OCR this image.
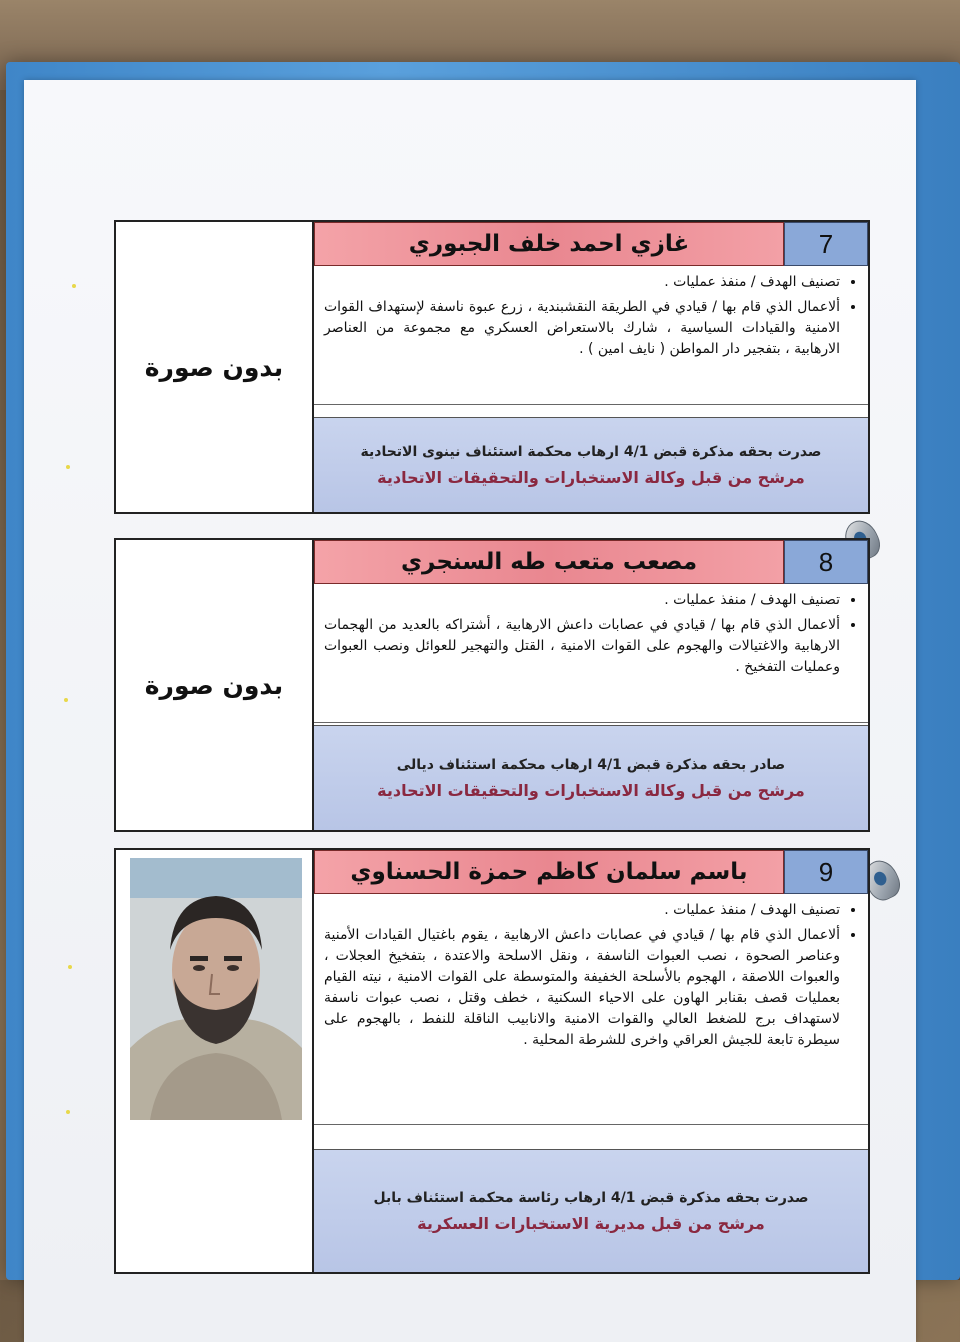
بدون صورة
غازي احمد خلف الجبوري	7
• تصنيف الهدف / منفذ عمليات .
• ألاعمال الذي قام بها / قيادي في الطريقة النقشبندية ، زرع عبوة ناسفة لإستهداف القوات الامنية والقيادات السياسية ، شارك بالاستعراض العسكري مع مجموعة من العناصر الارهابية ، بتفجير دار المواطن ( نايف امين ) .
صدرت بحقه مذكرة قبض 4/1 ارهاب محكمة استئناف نينوى الاتحادية
مرشح من قبل وكالة الاستخبارات والتحقيقات الاتحادية
بدون صورة
مصعب متعب طه السنجري	8
• تصنيف الهدف / منفذ عمليات .
• ألاعمال الذي قام بها / قيادي في عصابات داعش الارهابية ، أشتراكه بالعديد من الهجمات الارهابية والاغتيالات والهجوم على القوات الامنية ، القتل والتهجير للعوائل ونصب العبوات وعمليات التفخيخ .
صادر بحقه مذكرة قبض 4/1 ارهاب محكمة استئناف ديالى
مرشح من قبل وكالة الاستخبارات والتحقيقات الاتحادية
باسم سلمان كاظم حمزة الحسناوي	9
• تصنيف الهدف / منفذ عمليات .
• ألاعمال الذي قام بها / قيادي في عصابات داعش الارهابية ، يقوم باغتيال القيادات الأمنية وعناصر الصحوة ، نصب العبوات الناسفة ، ونقل الاسلحة والاعتدة ، بتفخيخ العجلات ، والعبوات اللاصقة ، الهجوم بالأسلحة الخفيفة والمتوسطة على القوات الامنية ، نيته القيام بعمليات قصف بقنابر الهاون على الاحياء السكنية ، خطف وقتل ، نصب عبوات ناسفة لاستهداف برج للضغط العالي والقوات الامنية والانابيب الناقلة للنفط ، بالهجوم على سيطرة تابعة للجيش العراقي واخرى للشرطة المحلية .
صدرت بحقه مذكرة قبض 4/1 ارهاب رئاسة محكمة استئناف بابل
مرشح من قبل مديرية الاستخبارات العسكرية
